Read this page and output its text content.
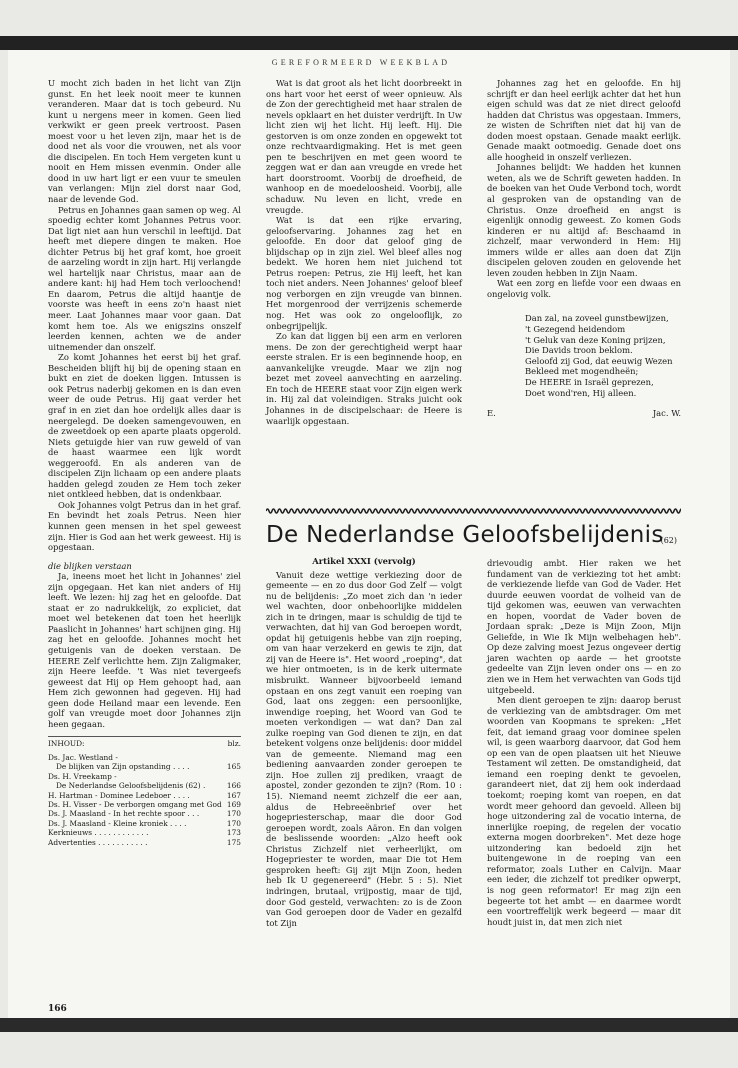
GEREFORMEERD WEEKBLAD

U mocht zich baden in het licht van Zijn gunst. En het leek nooit meer te kunnen veranderen. Maar dat is toch gebeurd. Nu kunt u nergens meer in komen. Geen lied verkwikt er geen preek vertroost. Pasen moest voor u het leven zijn, maar het is de dood net als voor die vrouwen, net als voor die discipelen. En toch Hem vergeten kunt u nooit en Hem missen evenmin. Onder alle dood in uw hart ligt er een vuur te smeulen van verlangen: Mijn ziel dorst naar God, naar de levende God.

Petrus en Johannes gaan samen op weg. Al spoedig echter komt Johannes Petrus voor. Dat ligt niet aan hun verschil in leeftijd. Dat heeft met diepere dingen te maken. Hoe dichter Petrus bij het graf komt, hoe groeit de aarzeling wordt in zijn hart. Hij verlangde wel hartelijk naar Christus, maar aan de andere kant: hij had Hem toch verloochend! En daarom, Petrus die altijd haantje de voorste was heeft in eens zo'n haast niet meer. Laat Johannes maar voor gaan. Dat komt hem toe. Als we enigszins onszelf leerden kennen, achten we de ander uitnemender dan onszelf.

Zo komt Johannes het eerst bij het graf. Bescheiden blijft hij bij de opening staan en bukt en ziet de doeken liggen. Intussen is ook Petrus naderbij gekomen en is dan even weer de oude Petrus. Hij gaat verder het graf in en ziet dan hoe ordelijk alles daar is neergelegd. De doeken samengevouwen, en de zweetdoek op een aparte plaats opgerold. Niets getuigde hier van ruw geweld of van de haast waarmee een lijk wordt weggeroofd. En als anderen van de discipelen Zijn lichaam op een andere plaats hadden gelegd zouden ze Hem toch zeker niet ontkleed hebben, dat is ondenkbaar.

Ook Johannes volgt Petrus dan in het graf. En bevindt het zoals Petrus. Neen hier kunnen geen mensen in het spel geweest zijn. Hier is God aan het werk geweest. Hij is opgestaan.

die blijken verstaan

Ja, ineens moet het licht in Johannes' ziel zijn opgegaan. Het kan niet anders of Hij leeft. We lezen: hij zag het en geloofde. Dat staat er zo nadrukkelijk, zo expliciet, dat moet wel betekenen dat toen het heerlijk Paaslicht in Johannes' hart schijnen ging. Hij zag het en geloofde. Johannes mocht het getuigenis van de doeken verstaan. De HEERE Zelf verlichtte hem. Zijn Zaligmaker, zijn Heere leefde. 't Was niet tevergeefs geweest dat Hij op Hem gehoopt had, aan Hem zich gewonnen had gegeven. Hij had geen dode Heiland maar een levende. Een golf van vreugde moet door Johannes zijn heen gegaan.

INHOUD:	blz.
Ds. Jac. Westland -
De blijken van Zijn opstanding . . . .	165
Ds. H. Vreekamp -
De Nederlandse Geloofsbelijdenis (62) .	166
H. Hartman - Dominee Ledeboer . . . .	167
Ds. H. Visser - De verborgen omgang met God 169
Ds. J. Maasland - In het rechte spoor . . .	170
Ds. J. Maasland - Kleine kroniek . . . .	170
Kerknieuws . . . . . . . . . . . .	173
Advertenties . . . . . . . . . . .	175

Wat is dat groot als het licht doorbreekt in ons hart voor het eerst of weer opnieuw. Als de Zon der gerechtigheid met haar stralen de nevels opklaart en het duister verdrijft. In Uw licht zien wij het licht. Hij leeft. Hij. Die gestorven is om onze zonden en opgewekt tot onze rechtvaardigmaking. Het is met geen pen te beschrijven en met geen woord te zeggen wat er dan aan vreugde en vrede het hart doorstroomt. Voorbij de droefheid, de wanhoop en de moedeloosheid. Voorbij, alle schaduw. Nu leven en licht, vrede en vreugde.

Wat is dat een rijke ervaring, geloofservaring. Johannes zag het en geloofde. En door dat geloof ging de blijdschap op in zijn ziel. Wel bleef alles nog bedekt. We horen hem niet juichend tot Petrus roepen: Petrus, zie Hij leeft, het kan toch niet anders. Neen Johannes' geloof bleef nog verborgen en zijn vreugde van binnen. Het morgenrood der verrijzenis schemerde nog. Het was ook zo ongelooflijk, zo onbegrijpelijk.

Zo kan dat liggen bij een arm en verloren mens. De zon der gerechtigheid werpt haar eerste stralen. Er is een beginnende hoop, en aanvankelijke vreugde. Maar we zijn nog bezet met zoveel aanvechting en aarzeling. En toch de HEERE staat voor Zijn eigen werk in. Hij zal dat voleindigen. Straks juicht ook Johannes in de discipelschaar: de Heere is waarlijk opgestaan.

Johannes zag het en geloofde. En hij schrijft er dan heel eerlijk achter dat het hun eigen schuld was dat ze niet direct geloofd hadden dat Christus was opgestaan. Immers, ze wisten de Schriften niet dat hij van de doden moest opstaan. Genade maakt eerlijk. Genade maakt ootmoedig. Genade doet ons alle hoogheid in onszelf verliezen.

Johannes belijdt: We hadden het kunnen weten, als we de Schrift geweten hadden. In de boeken van het Oude Verbond toch, wordt al gesproken van de opstanding van de Christus. Onze droefheid en angst is eigenlijk onnodig geweest. Zo komen Gods kinderen er nu altijd af: Beschaamd in zichzelf, maar verwonderd in Hem: Hij immers wilde er alles aan doen dat Zijn discipelen geloven zouden en gelovende het leven zouden hebben in Zijn Naam.

Wat een zorg en liefde voor een dwaas en ongelovig volk.

Dan zal, na zoveel gunstbewijzen,
't Gezegend heidendom
't Geluk van deze Koning prijzen,
Die Davids troon beklom.
Geloofd zij God, dat eeuwig Wezen
Bekleed met mogendheën;
De HEERE in Israël geprezen,
Doet wond'ren, Hij alleen.
E.	Jac. W.
De Nederlandse Geloofsbelijdenis
(62)

Artikel XXXI (vervolg)

Vanuit deze wettige verkiezing door de gemeente — en zo dus door God Zelf — volgt nu de belijdenis: „Zo moet zich dan 'n ieder wel wachten, door onbehoorlijke middelen zich in te dringen, maar is schuldig de tijd te verwachten, dat hij van God beroepen wordt, opdat hij getuigenis hebbe van zijn roeping, om van haar verzekerd en gewis te zijn, dat zij van de Heere is". Het woord „roeping", dat we hier ontmoeten, is in de kerk uitermate misbruikt. Wanneer bijvoorbeeld iemand opstaan en ons zegt vanuit een roeping van God, laat ons zeggen: een persoonlijke, inwendige roeping, het Woord van God te moeten verkondigen — wat dan? Dan zal zulke roeping van God dienen te zijn, en dat betekent volgens onze belijdenis: door middel van de gemeente. Niemand mag een bediening aanvaarden zonder geroepen te zijn. Hoe zullen zij prediken, vraagt de apostel, zonder gezonden te zijn? (Rom. 10 : 15). Niemand neemt zichzelf die eer aan, aldus de Hebreeënbrief over het hogepriesterschap, maar die door God geroepen wordt, zoals Aäron. En dan volgen de beslissende woorden: „Alzo heeft ook Christus Zichzelf niet verheerlijkt, om Hogepriester te worden, maar Die tot Hem gesproken heeft: Gij zijt Mijn Zoon, heden heb Ik U gegenereerd" (Hebr. 5 : 5). Niet indringen, brutaal, vrijpostig, maar de tijd, door God gesteld, verwachten: zo is de Zoon van God geroepen door de Vader en gezalfd tot Zijn

drievoudig ambt. Hier raken we het fundament van de verkiezing tot het ambt: de verkiezende liefde van God de Vader. Het duurde eeuwen voordat de volheid van de tijd gekomen was, eeuwen van verwachten en hopen, voordat de Vader boven de Jordaan sprak: „Deze is Mijn Zoon, Mijn Geliefde, in Wie Ik Mijn welbehagen heb". Op deze zalving moest Jezus ongeveer dertig jaren wachten op aarde — het grootste gedeelte van Zijn leven onder ons — en zo zien we in Hem het verwachten van Gods tijd uitgebeeld.

Men dient geroepen te zijn: daarop berust de verkiezing van de ambtsdrager. Om met woorden van Koopmans te spreken: „Het feit, dat iemand graag voor dominee spelen wil, is geen waarborg daarvoor, dat God hem op een van de open plaatsen uit het Nieuwe Testament wil zetten. De omstandigheid, dat iemand een roeping denkt te gevoelen, garandeert niet, dat zij hem ook inderdaad toekomt; roeping komt van roepen, en dat wordt meer gehoord dan gevoeld. Alleen bij hoge uitzondering zal de vocatio interna, de innerlijke roeping, de regelen der vocatio externa mogen doorbreken". Met deze hoge uitzondering kan bedoeld zijn het buitengewone in de roeping van een reformator, zoals Luther en Calvijn. Maar een ieder, die zichzelf tot prediker opwerpt, is nog geen reformator! Er mag zijn een begeerte tot het ambt — en daarmee wordt een voortreffelijk werk begeerd — maar dit houdt juist in, dat men zich niet

166
